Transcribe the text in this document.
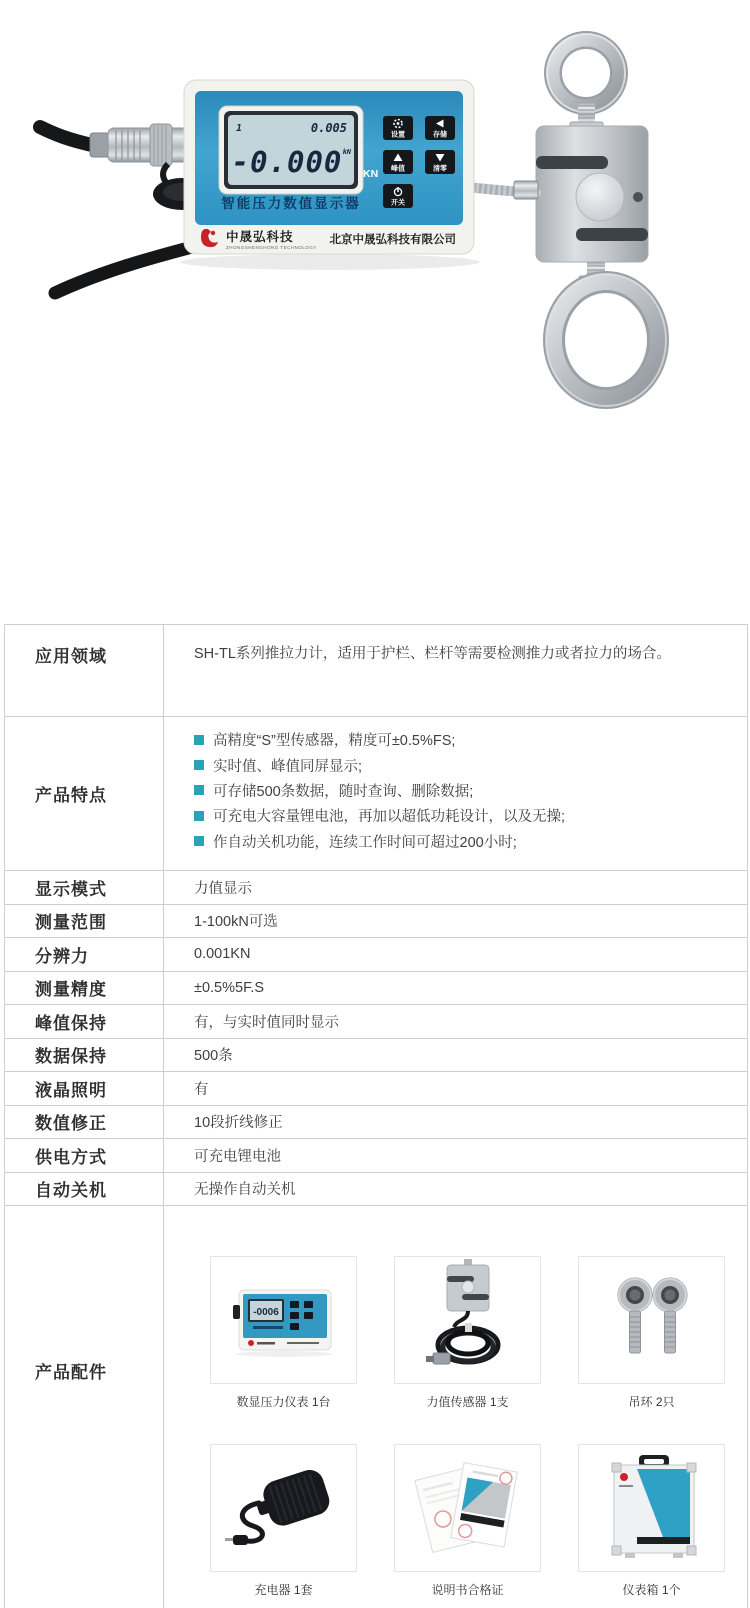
1	0.005
-0.000 kN
KN
设置	存储
峰值	清零
开关
智能压力数值显示器
中晟弘科技
ZHONGSHENGHONG TECHNOLOGY
北京中晟弘科技有限公司
应用领域	SH-TL系列推拉力计，适用于护栏、栏杆等需要检测推力或者拉力的场合。
产品特点
高精度“S”型传感器，精度可±0.5%FS;
实时值、峰值同屏显示;
可存储500条数据，随时查询、删除数据;
可充电大容量锂电池，再加以超低功耗设计，以及无操;
作自动关机功能，连续工作时间可超过200小时;
显示模式	力值显示
测量范围	1-100kN可选
分辨力	0.001KN
测量精度	±0.5%5F.S
峰值保持	有，与实时值同时显示
数据保持	500条
液晶照明	有
数值修正	10段折线修正
供电方式	可充电锂电池
自动关机	无操作自动关机
产品配件
-0006
数显压力仪表 1台	力值传感器 1支	吊环 2只
充电器 1套	说明书合格证	仪表箱 1个
